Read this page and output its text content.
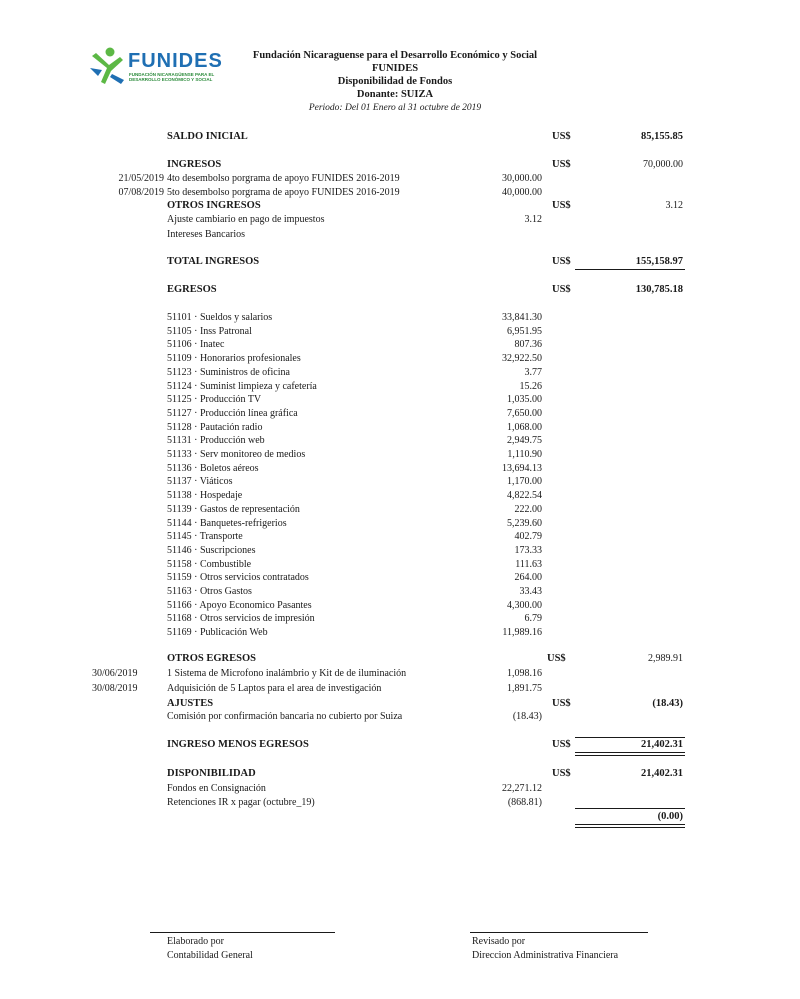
FUNIDES
FUNDACIÓN NICARAGÜENSE PARA EL DESARROLLO ECONÓMICO Y SOCIAL
Fundación Nicaraguense para el Desarrollo Económico y Social
FUNIDES
Disponibilidad de Fondos
Donante: SUIZA
Periodo: Del 01 Enero al 31 octubre de 2019
SALDO INICIAL	US$	85,155.85
INGRESOS	US$	70,000.00
21/05/2019 4to desembolso porgrama de apoyo FUNIDES 2016-2019	30,000.00
07/08/2019 5to desembolso porgrama de apoyo FUNIDES 2016-2019	40,000.00
OTROS INGRESOS	US$	3.12
Ajuste cambiario en pago de impuestos	3.12
Intereses Bancarios
TOTAL INGRESOS	US$	155,158.97
EGRESOS	US$	130,785.18
51101 · Sueldos y salarios	33,841.30
51105 · Inss Patronal	6,951.95
51106 · Inatec	807.36
51109 · Honorarios profesionales	32,922.50
51123 · Suministros de oficina	3.77
51124 · Suminist limpieza y cafetería	15.26
51125 · Producción TV	1,035.00
51127 · Producción línea gráfica	7,650.00
51128 · Pautación radio	1,068.00
51131 · Producción web	2,949.75
51133 · Serv monitoreo de medios	1,110.90
51136 · Boletos aéreos	13,694.13
51137 · Viáticos	1,170.00
51138 · Hospedaje	4,822.54
51139 · Gastos de representación	222.00
51144 · Banquetes-refrigerios	5,239.60
51145 · Transporte	402.79
51146 · Suscripciones	173.33
51158 · Combustible	111.63
51159 · Otros servicios contratados	264.00
51163 · Otros Gastos	33.43
51166 · Apoyo Economico Pasantes	4,300.00
51168 · Otros servicios de impresión	6.79
51169 · Publicación Web	11,989.16
OTROS EGRESOS	US$	2,989.91
30/06/2019	1 Sistema de Microfono inalámbrio y Kit de de iluminación	1,098.16
30/08/2019	Adquisición de 5 Laptos para el area de investigación	1,891.75
AJUSTES	US$	(18.43)
Comisión por confirmación bancaria no cubierto por Suiza	(18.43)
INGRESO MENOS EGRESOS	US$	21,402.31
DISPONIBILIDAD	US$	21,402.31
Fondos en Consignación	22,271.12
Retenciones IR x pagar (octubre_19)	(868.81)
(0.00)
Elaborado por
Contabilidad General
Revisado por
Direccion Administrativa Financiera
